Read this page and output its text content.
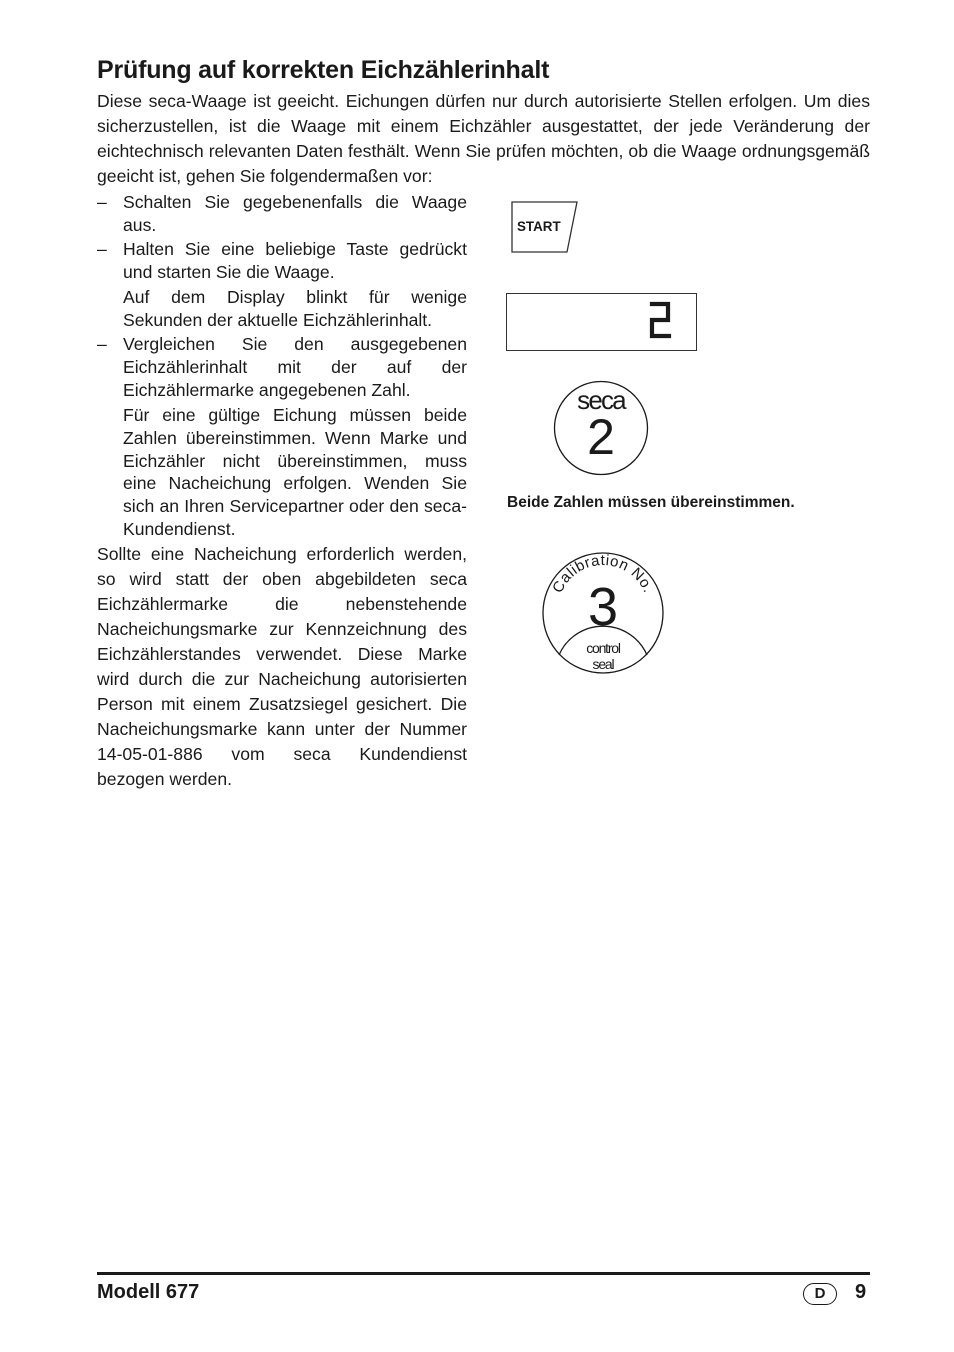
Prüfung auf korrekten Eichzählerinhalt

Diese seca-Waage ist geeicht. Eichungen dürfen nur durch autorisierte Stellen erfolgen. Um dies sicherzustellen, ist die Waage mit einem Eichzähler ausgestattet, der jede Veränderung der eichtechnisch relevanten Daten festhält. Wenn Sie prüfen möchten, ob die Waage ordnungsgemäß geeicht ist, gehen Sie folgendermaßen vor:

– Schalten Sie gegebenenfalls die Waage aus.

– Halten Sie eine beliebige Taste gedrückt und starten Sie die Waage.

Auf dem Display blinkt für wenige Sekunden der aktuelle Eichzählerinhalt.

– Vergleichen Sie den ausgegebenen Eichzählerinhalt mit der auf der Eichzählermarke angegebenen Zahl.

Für eine gültige Eichung müssen beide Zahlen übereinstimmen. Wenn Marke und Eichzähler nicht übereinstimmen, muss eine Nacheichung erfolgen. Wenden Sie sich an Ihren Servicepartner oder den seca-Kundendienst.

Sollte eine Nacheichung erforderlich werden, so wird statt der oben abgebildeten seca Eichzählermarke die nebenstehende Nacheichungsmarke zur Kennzeichnung des Eichzählerstandes verwendet. Diese Marke wird durch die zur Nacheichung autorisierten Person mit einem Zusatzsiegel gesichert. Die Nacheichungsmarke kann unter der Nummer 14-05-01-886 vom seca Kundendienst bezogen werden.

START
seca
2

Beide Zahlen müssen übereinstimmen.

Calibration No.
3
control
seal
Modell 677	D	9
